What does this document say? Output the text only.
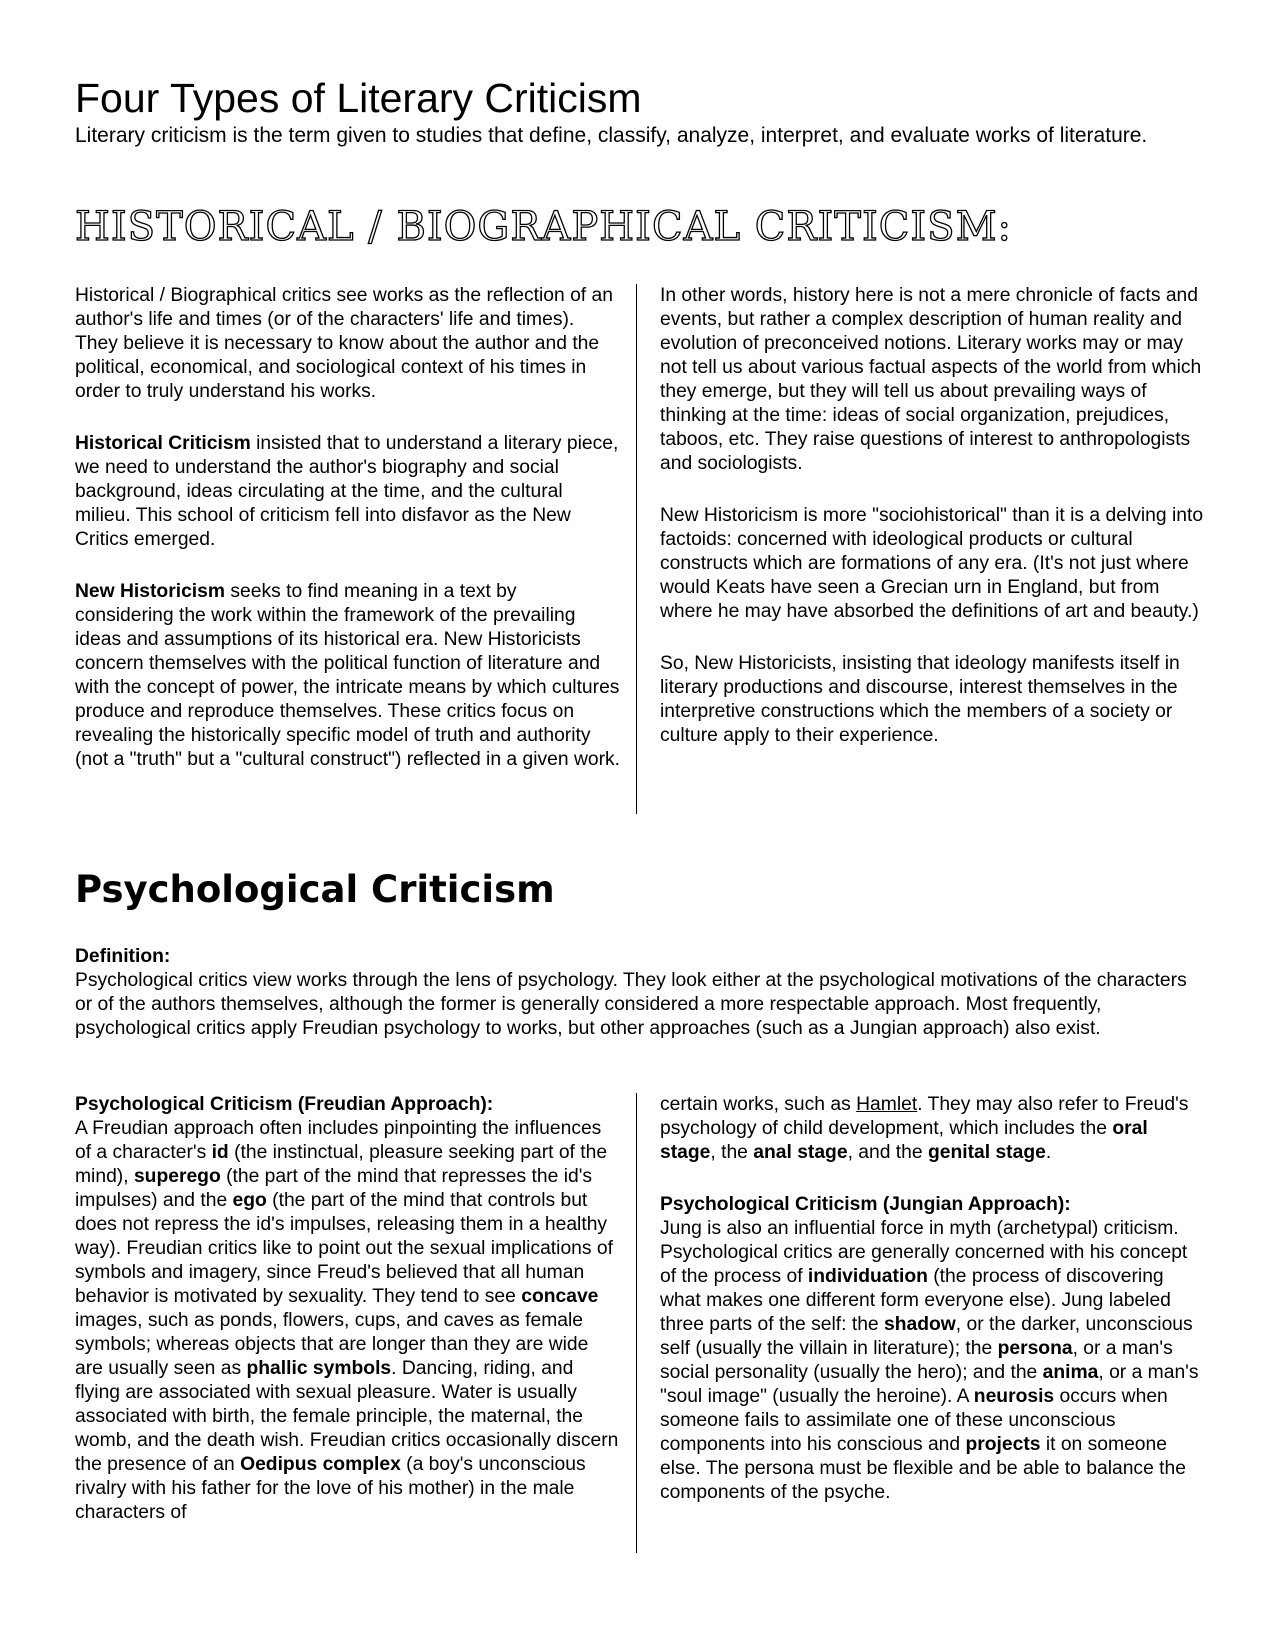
Four Types of Literary Criticism

Literary criticism is the term given to studies that define, classify, analyze, interpret, and evaluate works of literature.

HISTORICAL / BIOGRAPHICAL CRITICISM:

Historical / Biographical critics see works as the reflection of an author's life and times (or of the characters' life and times). They believe it is necessary to know about the author and the political, economical, and sociological context of his times in order to truly understand his works.

Historical Criticism insisted that to understand a literary piece, we need to understand the author's biography and social background, ideas circulating at the time, and the cultural milieu. This school of criticism fell into disfavor as the New Critics emerged.

New Historicism seeks to find meaning in a text by considering the work within the framework of the prevailing ideas and assumptions of its historical era. New Historicists concern themselves with the political function of literature and with the concept of power, the intricate means by which cultures produce and reproduce themselves. These critics focus on revealing the historically specific model of truth and authority (not a "truth" but a "cultural construct") reflected in a given work.

In other words, history here is not a mere chronicle of facts and events, but rather a complex description of human reality and evolution of preconceived notions. Literary works may or may not tell us about various factual aspects of the world from which they emerge, but they will tell us about prevailing ways of thinking at the time: ideas of social organization, prejudices, taboos, etc. They raise questions of interest to anthropologists and sociologists.

New Historicism is more "sociohistorical" than it is a delving into factoids: concerned with ideological products or cultural constructs which are formations of any era. (It's not just where would Keats have seen a Grecian urn in England, but from where he may have absorbed the definitions of art and beauty.)

So, New Historicists, insisting that ideology manifests itself in literary productions and discourse, interest themselves in the interpretive constructions which the members of a society or culture apply to their experience.

Psychological Criticism

Definition:

Psychological critics view works through the lens of psychology. They look either at the psychological motivations of the characters or of the authors themselves, although the former is generally considered a more respectable approach. Most frequently, psychological critics apply Freudian psychology to works, but other approaches (such as a Jungian approach) also exist.

Psychological Criticism (Freudian Approach):
A Freudian approach often includes pinpointing the influences of a character's id (the instinctual, pleasure seeking part of the mind), superego (the part of the mind that represses the id's impulses) and the ego (the part of the mind that controls but does not repress the id's impulses, releasing them in a healthy way). Freudian critics like to point out the sexual implications of symbols and imagery, since Freud's believed that all human behavior is motivated by sexuality. They tend to see concave images, such as ponds, flowers, cups, and caves as female symbols; whereas objects that are longer than they are wide are usually seen as phallic symbols. Dancing, riding, and flying are associated with sexual pleasure. Water is usually associated with birth, the female principle, the maternal, the womb, and the death wish. Freudian critics occasionally discern the presence of an Oedipus complex (a boy's unconscious rivalry with his father for the love of his mother) in the male characters of

certain works, such as Hamlet. They may also refer to Freud's psychology of child development, which includes the oral stage, the anal stage, and the genital stage.

Psychological Criticism (Jungian Approach):
Jung is also an influential force in myth (archetypal) criticism. Psychological critics are generally concerned with his concept of the process of individuation (the process of discovering what makes one different form everyone else). Jung labeled three parts of the self: the shadow, or the darker, unconscious self (usually the villain in literature); the persona, or a man's social personality (usually the hero); and the anima, or a man's "soul image" (usually the heroine). A neurosis occurs when someone fails to assimilate one of these unconscious components into his conscious and projects it on someone else. The persona must be flexible and be able to balance the components of the psyche.
